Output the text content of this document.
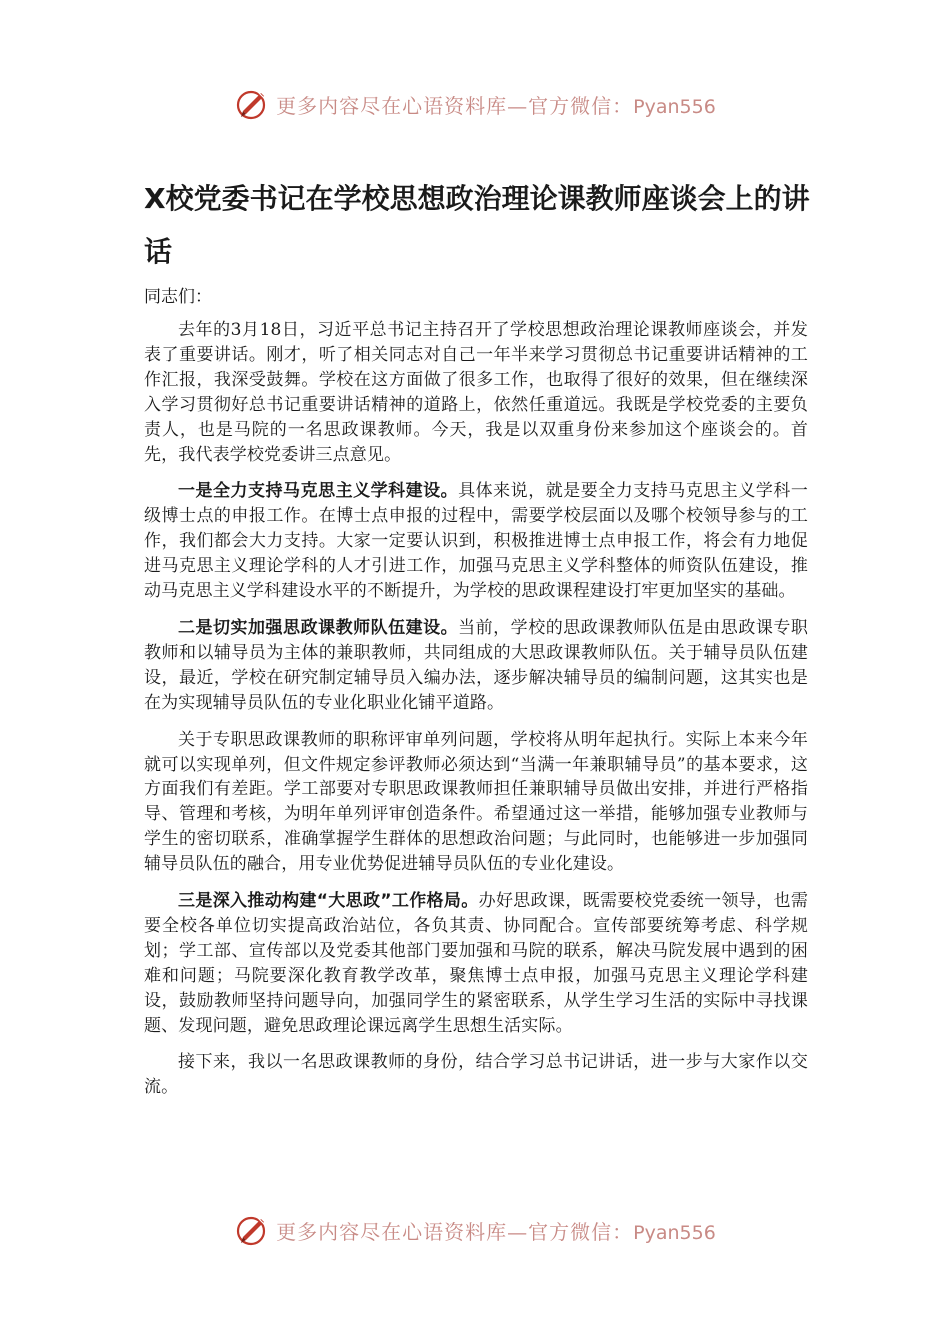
更多内容尽在心语资料库—官方微信：Pyan556
X校党委书记在学校思想政治理论课教师座谈会上的讲话

同志们：

去年的3月18日，习近平总书记主持召开了学校思想政治理论课教师座谈会，并发表了重要讲话。刚才，听了相关同志对自己一年半来学习贯彻总书记重要讲话精神的工作汇报，我深受鼓舞。学校在这方面做了很多工作，也取得了很好的效果，但在继续深入学习贯彻好总书记重要讲话精神的道路上，依然任重道远。我既是学校党委的主要负责人，也是马院的一名思政课教师。今天，我是以双重身份来参加这个座谈会的。首先，我代表学校党委讲三点意见。

一是全力支持马克思主义学科建设。具体来说，就是要全力支持马克思主义学科一级博士点的申报工作。在博士点申报的过程中，需要学校层面以及哪个校领导参与的工作，我们都会大力支持。大家一定要认识到，积极推进博士点申报工作，将会有力地促进马克思主义理论学科的人才引进工作，加强马克思主义学科整体的师资队伍建设，推动马克思主义学科建设水平的不断提升，为学校的思政课程建设打牢更加坚实的基础。

二是切实加强思政课教师队伍建设。当前，学校的思政课教师队伍是由思政课专职教师和以辅导员为主体的兼职教师，共同组成的大思政课教师队伍。关于辅导员队伍建设，最近，学校在研究制定辅导员入编办法，逐步解决辅导员的编制问题，这其实也是在为实现辅导员队伍的专业化职业化铺平道路。

关于专职思政课教师的职称评审单列问题，学校将从明年起执行。实际上本来今年就可以实现单列，但文件规定参评教师必须达到“当满一年兼职辅导员”的基本要求，这方面我们有差距。学工部要对专职思政课教师担任兼职辅导员做出安排，并进行严格指导、管理和考核，为明年单列评审创造条件。希望通过这一举措，能够加强专业教师与学生的密切联系，准确掌握学生群体的思想政治问题；与此同时，也能够进一步加强同辅导员队伍的融合，用专业优势促进辅导员队伍的专业化建设。

三是深入推动构建“大思政”工作格局。办好思政课，既需要校党委统一领导，也需要全校各单位切实提高政治站位，各负其责、协同配合。宣传部要统筹考虑、科学规划；学工部、宣传部以及党委其他部门要加强和马院的联系，解决马院发展中遇到的困难和问题；马院要深化教育教学改革，聚焦博士点申报，加强马克思主义理论学科建设，鼓励教师坚持问题导向，加强同学生的紧密联系，从学生学习生活的实际中寻找课题、发现问题，避免思政理论课远离学生思想生活实际。

接下来，我以一名思政课教师的身份，结合学习总书记讲话，进一步与大家作以交流。

更多内容尽在心语资料库—官方微信：Pyan556
